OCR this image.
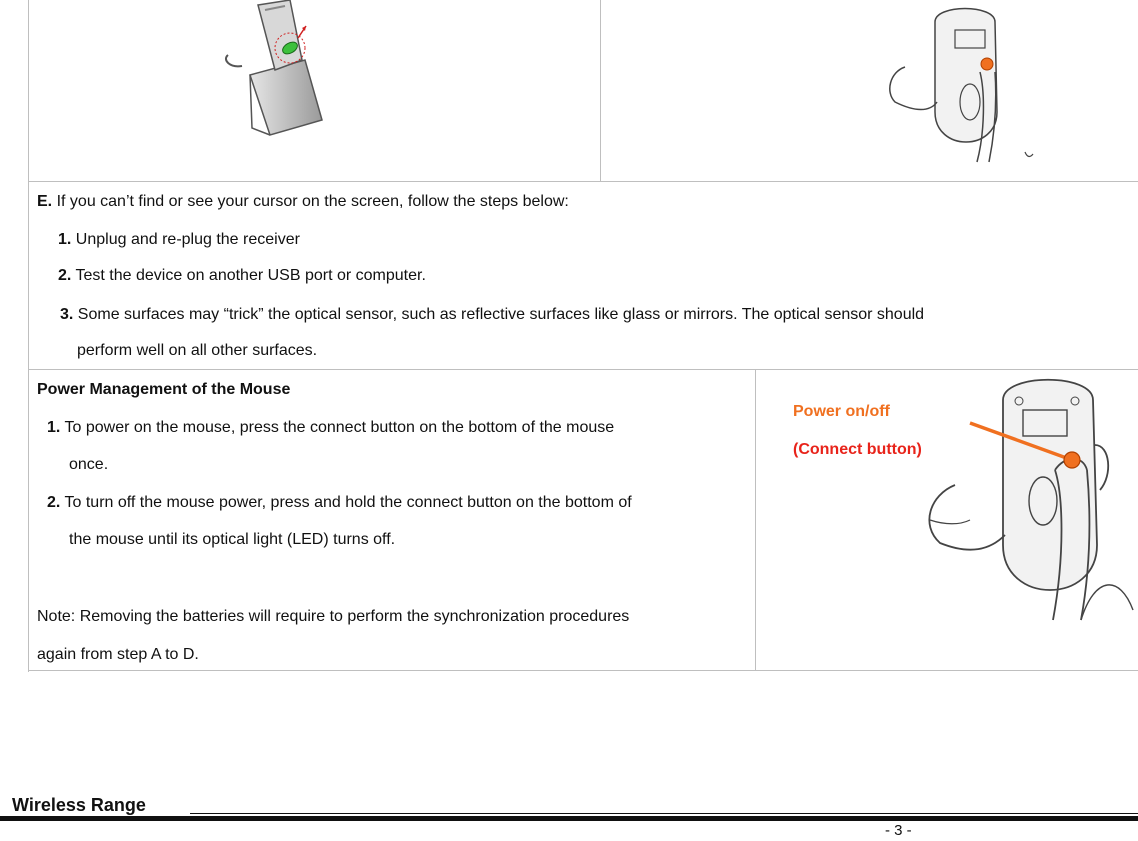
E. If you can’t find or see your cursor on the screen, follow the steps below:
1. Unplug and re-plug the receiver
2. Test the device on another USB port or computer.
3. Some surfaces may “trick” the optical sensor, such as reflective surfaces like glass or mirrors. The optical sensor should
perform well on all other surfaces.
Power Management of the Mouse
1. To power on the mouse, press the connect button on the bottom of the mouse
once.
2. To turn off the mouse power, press and hold the connect button on the bottom of
the mouse until its optical light (LED) turns off.
Note: Removing the batteries will require to perform the synchronization procedures
again from step A to D.
Power on/off
(Connect button)
Wireless Range
- 3 -
